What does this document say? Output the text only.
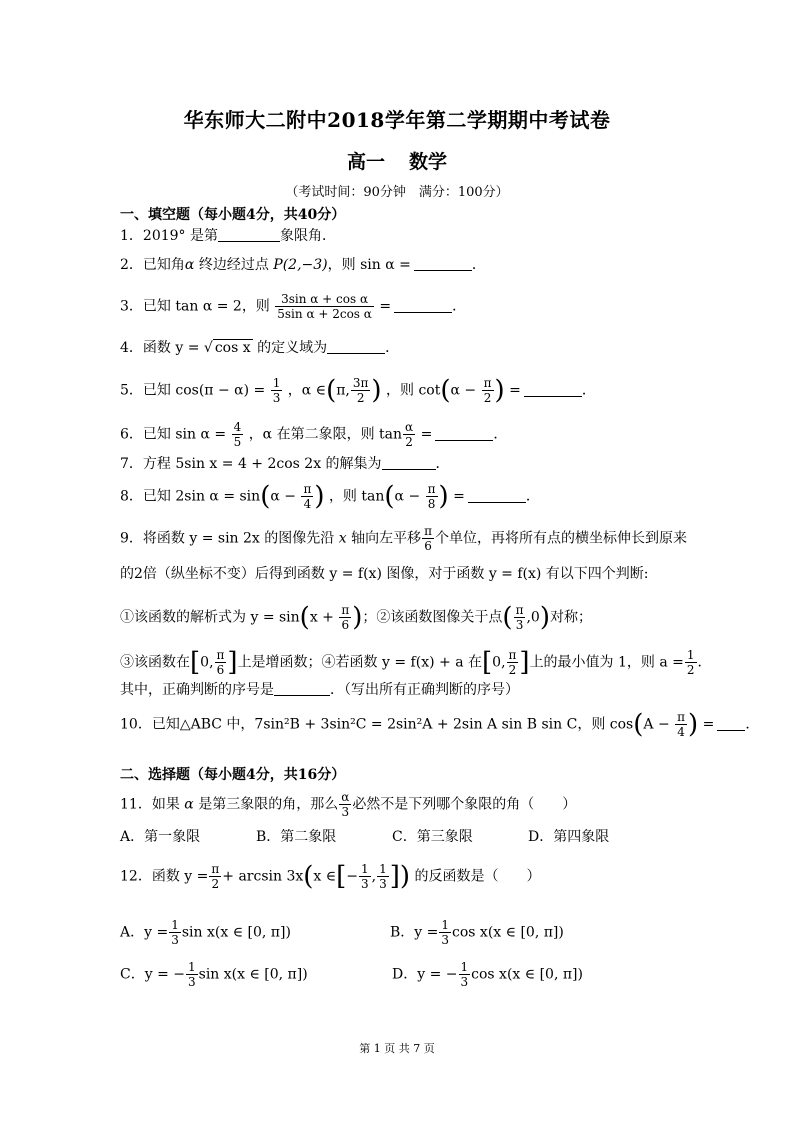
华东师大二附中2018学年第二学期期中考试卷
高一 数学
（考试时间：90分钟　满分：100分）
一、填空题（每小题4分，共40分）
1．2019° 是第	象限角．
2．已知角α 终边经过点 P(2,−3)，则 sin α =	．
3．已知 tan α = 2，则 $\frac{\text{3sin α + cos α}}{\text{5sin α + 2cos α}}$ =	．
4．函数 y = √ cos x 的定义域为	．
5．已知 $\cos(\pi - \alpha) = \frac{1}{3}$ ，α ∈(π, $\frac{3\pi}{2}$ ) ，则 $\cot(\alpha - \frac{\pi}{2}$ ) =	．
6．已知 $\sin \alpha = \frac{4}{5}$ ，α 在第二象限，则 $\tan \frac{\alpha}{2}$ =	．
7．方程 5sin x = 4 + 2cos 2x 的解集为	．
8．已知 2sin $\alpha = \sin(\alpha - \frac{\pi}{4}$ ) ，则 $\tan(\alpha - \frac{\pi}{8}$ ) =	．
9．将函数 y = sin 2x 的图像先沿 x 轴向左平移 $\frac{\pi}{6}$ 个单位，再将所有点的横坐标伸长到原来
的2倍（纵坐标不变）后得到函数 y = f(x) 图像，对于函数 y = f(x) 有以下四个判断:
①该函数的解析式为 $y = \sin(x + \frac{\pi}{6}$ )；②该函数图像关于点( $\frac{\pi}{3} ,0$)对称；
③该函数在[0, $\frac{\pi}{6}$ ]上是增函数；④若函数 y = f(x) + a 在[0, $\frac{\pi}{2}$ ]上的最小值为 1，则 $a = \frac{1}{2}$ ．
其中，正确判断的序号是	．（写出所有正确判断的序号）
10．已知△ABC 中，7sin²B + 3sin²C = 2sin²A + 2sin A sin B sin C，则 $\cos(A - \frac{\pi}{4}$ ) = ．
二、选择题（每小题4分，共16分）
11．如果 α 是第三象限的角，那么 $\frac{\alpha}{3}$ 必然不是下列哪个象限的角（　　）
A．第一象限	B．第二象限	C．第三象限	D．第四象限
12．函数 $y = \frac{\pi}{2} + \arcsin 3x(x$ ∈[− $\frac{1}{3}$ , $\frac{1}{3}$ ]) 的反函数是（　　）
A．$y = \frac{1}{3}$ sin x(x ∈ [0, π])	B．$y = \frac{1}{3}$ cos x(x ∈ [0, π])
C．y = − $\frac{1}{3}$ sin x(x ∈ [0, π])	D．y = − $\frac{1}{3}$ cos x(x ∈ [0, π])
第 1 页 共 7 页
